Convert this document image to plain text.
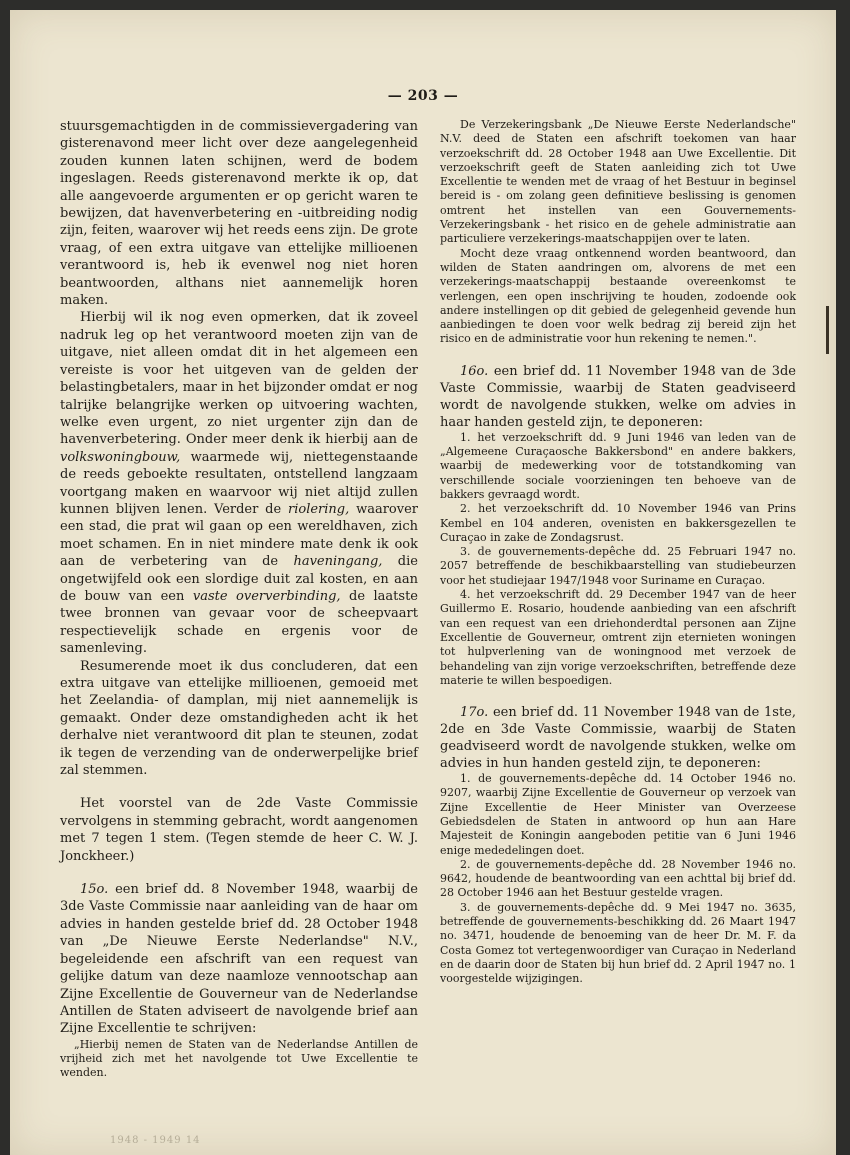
— 203 —

stuursgemachtigden in de commissievergadering van gisterenavond meer licht over deze aangelegenheid zouden kunnen laten schijnen, werd de bodem ingeslagen. Reeds gisterenavond merkte ik op, dat alle aangevoerde argumenten er op gericht waren te bewijzen, dat havenverbetering en -uitbreiding nodig zijn, feiten, waarover wij het reeds eens zijn. De grote vraag, of een extra uitgave van ettelijke millioenen verantwoord is, heb ik evenwel nog niet horen beantwoorden, althans niet aannemelijk horen maken.

Hierbij wil ik nog even opmerken, dat ik zoveel nadruk leg op het verantwoord moeten zijn van de uitgave, niet alleen omdat dit in het algemeen een vereiste is voor het uitgeven van de gelden der belastingbetalers, maar in het bijzonder omdat er nog talrijke belangrijke werken op uitvoering wachten, welke even urgent, zo niet urgenter zijn dan de havenverbetering. Onder meer denk ik hierbij aan de volkswoningbouw, waarmede wij, niettegenstaande de reeds geboekte resultaten, ontstellend langzaam voortgang maken en waarvoor wij niet altijd zullen kunnen blijven lenen. Verder de riolering, waarover een stad, die prat wil gaan op een wereldhaven, zich moet schamen. En in niet mindere mate denk ik ook aan de verbetering van de haveningang, die ongetwijfeld ook een slordige duit zal kosten, en aan de bouw van een vaste oververbinding, de laatste twee bronnen van gevaar voor de scheepvaart respectievelijk schade en ergenis voor de samenleving.

Resumerende moet ik dus concluderen, dat een extra uitgave van ettelijke millioenen, gemoeid met het Zeelandia- of damplan, mij niet aannemelijk is gemaakt. Onder deze omstandigheden acht ik het derhalve niet verantwoord dit plan te steunen, zodat ik tegen de verzending van de onderwerpelijke brief zal stemmen.

Het voorstel van de 2de Vaste Commissie vervolgens in stemming gebracht, wordt aangenomen met 7 tegen 1 stem. (Tegen stemde de heer C. W. J. Jonckheer.)

15o. een brief dd. 8 November 1948, waarbij de 3de Vaste Commissie naar aanleiding van de haar om advies in handen gestelde brief dd. 28 October 1948 van „De Nieuwe Eerste Nederlandse" N.V., begeleidende een afschrift van een request van gelijke datum van deze naamloze vennootschap aan Zijne Excellentie de Gouverneur van de Nederlandse Antillen de Staten adviseert de navolgende brief aan Zijne Excellentie te schrijven:

„Hierbij nemen de Staten van de Nederlandse Antillen de vrijheid zich met het navolgende tot Uwe Excellentie te wenden.

De Verzekeringsbank „De Nieuwe Eerste Nederlandsche" N.V. deed de Staten een afschrift toekomen van haar verzoekschrift dd. 28 October 1948 aan Uwe Excellentie. Dit verzoekschrift geeft de Staten aanleiding zich tot Uwe Excellentie te wenden met de vraag of het Bestuur in beginsel bereid is - om zolang geen definitieve beslissing is genomen omtrent het instellen van een Gouvernements-Verzekeringsbank - het risico en de gehele administratie aan particuliere verzekerings-maatschappijen over te laten.

Mocht deze vraag ontkennend worden beantwoord, dan wilden de Staten aandringen om, alvorens de met een verzekerings-maatschappij bestaande overeenkomst te verlengen, een open inschrijving te houden, zodoende ook andere instellingen op dit gebied de gelegenheid gevende hun aanbiedingen te doen voor welk bedrag zij bereid zijn het risico en de administratie voor hun rekening te nemen.".

16o. een brief dd. 11 November 1948 van de 3de Vaste Commissie, waarbij de Staten geadviseerd wordt de navolgende stukken, welke om advies in haar handen gesteld zijn, te deponeren:

1. het verzoekschrift dd. 9 Juni 1946 van leden van de „Algemeene Curaçaosche Bakkersbond" en andere bakkers, waarbij de medewerking voor de totstandkoming van verschillende sociale voorzieningen ten behoeve van de bakkers gevraagd wordt.

2. het verzoekschrift dd. 10 November 1946 van Prins Kembel en 104 anderen, ovenisten en bakkersgezellen te Curaçao in zake de Zondagsrust.

3. de gouvernements-depêche dd. 25 Februari 1947 no. 2057 betreffende de beschikbaarstelling van studiebeurzen voor het studiejaar 1947/1948 voor Suriname en Curaçao.

4. het verzoekschrift dd. 29 December 1947 van de heer Guillermo E. Rosario, houdende aanbieding van een afschrift van een request van een driehonderdtal personen aan Zijne Excellentie de Gouverneur, omtrent zijn eternieten woningen tot hulpverlening van de woningnood met verzoek de behandeling van zijn vorige verzoekschriften, betreffende deze materie te willen bespoedigen.

17o. een brief dd. 11 November 1948 van de 1ste, 2de en 3de Vaste Commissie, waarbij de Staten geadviseerd wordt de navolgende stukken, welke om advies in hun handen gesteld zijn, te deponeren:

1. de gouvernements-depêche dd. 14 October 1946 no. 9207, waarbij Zijne Excellentie de Gouverneur op verzoek van Zijne Excellentie de Heer Minister van Overzeese Gebiedsdelen de Staten in antwoord op hun aan Hare Majesteit de Koningin aangeboden petitie van 6 Juni 1946 enige mededelingen doet.

2. de gouvernements-depêche dd. 28 November 1946 no. 9642, houdende de beantwoording van een achttal bij brief dd. 28 October 1946 aan het Bestuur gestelde vragen.

3. de gouvernements-depêche dd. 9 Mei 1947 no. 3635, betreffende de gouvernements-beschikking dd. 26 Maart 1947 no. 3471, houdende de benoeming van de heer Dr. M. F. da Costa Gomez tot vertegenwoordiger van Curaçao in Nederland en de daarin door de Staten bij hun brief dd. 2 April 1947 no. 1 voorgestelde wijzigingen.

1948 - 1949 14
